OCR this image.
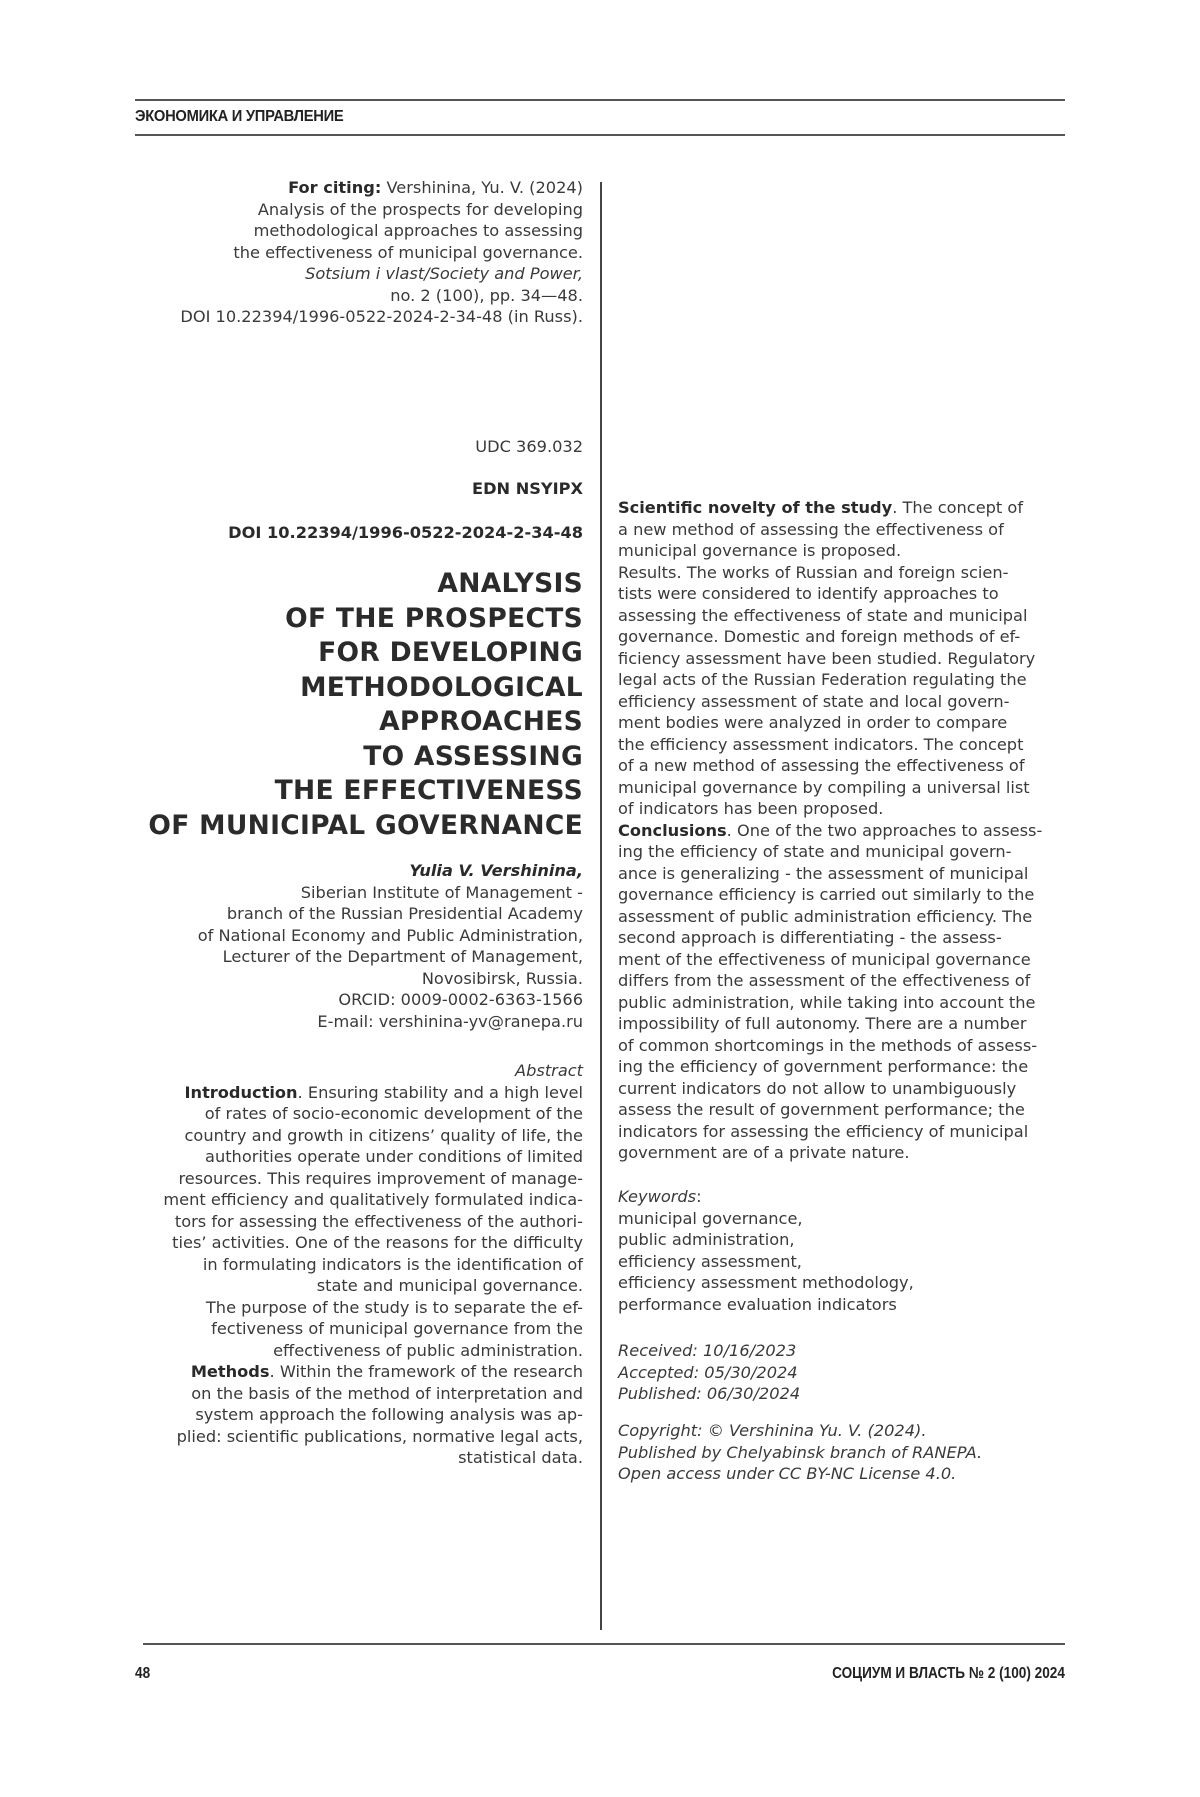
ЭКОНОМИКА И УПРАВЛЕНИЕ
For citing: Vershinina, Yu. V. (2024)
Analysis of the prospects for developing
methodological approaches to assessing
the effectiveness of municipal governance.
Sotsium i vlast/Society and Power,
no. 2 (100), pp. 34—48.
DOI 10.22394/1996-0522-2024-2-34-48 (in Russ).
UDC 369.032
EDN NSYIPX
DOI 10.22394/1996-0522-2024-2-34-48
ANALYSIS
OF THE PROSPECTS
FOR DEVELOPING
METHODOLOGICAL
APPROACHES
TO ASSESSING
THE EFFECTIVENESS
OF MUNICIPAL GOVERNANCE
Yulia V. Vershinina,
Siberian Institute of Management -
branch of the Russian Presidential Academy
of National Economy and Public Administration,
Lecturer of the Department of Management,
Novosibirsk, Russia.
ORCID: 0009-0002-6363-1566
E-mail: vershinina-yv@ranepa.ru
Abstract
Introduction. Ensuring stability and a high level
of rates of socio-economic development of the
country and growth in citizens’ quality of life, the
authorities operate under conditions of limited
resources. This requires improvement of manage-
ment efficiency and qualitatively formulated indica-
tors for assessing the effectiveness of the authori-
ties’ activities. One of the reasons for the difficulty
in formulating indicators is the identification of
state and municipal governance.
The purpose of the study is to separate the ef-
fectiveness of municipal governance from the
effectiveness of public administration.
Methods. Within the framework of the research
on the basis of the method of interpretation and
system approach the following analysis was ap-
plied: scientific publications, normative legal acts,
statistical data.
Scientific novelty of the study. The concept of
a new method of assessing the effectiveness of
municipal governance is proposed.
Results. The works of Russian and foreign scien-
tists were considered to identify approaches to
assessing the effectiveness of state and municipal
governance. Domestic and foreign methods of ef-
ficiency assessment have been studied. Regulatory
legal acts of the Russian Federation regulating the
efficiency assessment of state and local govern-
ment bodies were analyzed in order to compare
the efficiency assessment indicators. The concept
of a new method of assessing the effectiveness of
municipal governance by compiling a universal list
of indicators has been proposed.
Conclusions. One of the two approaches to assess-
ing the efficiency of state and municipal govern-
ance is generalizing - the assessment of municipal
governance efficiency is carried out similarly to the
assessment of public administration efficiency. The
second approach is differentiating - the assess-
ment of the effectiveness of municipal governance
differs from the assessment of the effectiveness of
public administration, while taking into account the
impossibility of full autonomy. There are a number
of common shortcomings in the methods of assess-
ing the efficiency of government performance: the
current indicators do not allow to unambiguously
assess the result of government performance; the
indicators for assessing the efficiency of municipal
government are of a private nature.
Keywords:
municipal governance,
public administration,
efficiency assessment,
efficiency assessment methodology,
performance evaluation indicators
Received: 10/16/2023
Accepted: 05/30/2024
Published: 06/30/2024
Copyright: © Vershinina Yu. V. (2024).
Published by Chelyabinsk branch of RANEPA.
Open access under CC BY-NC License 4.0.
48	СОЦИУМ И ВЛАСТЬ № 2 (100) 2024
